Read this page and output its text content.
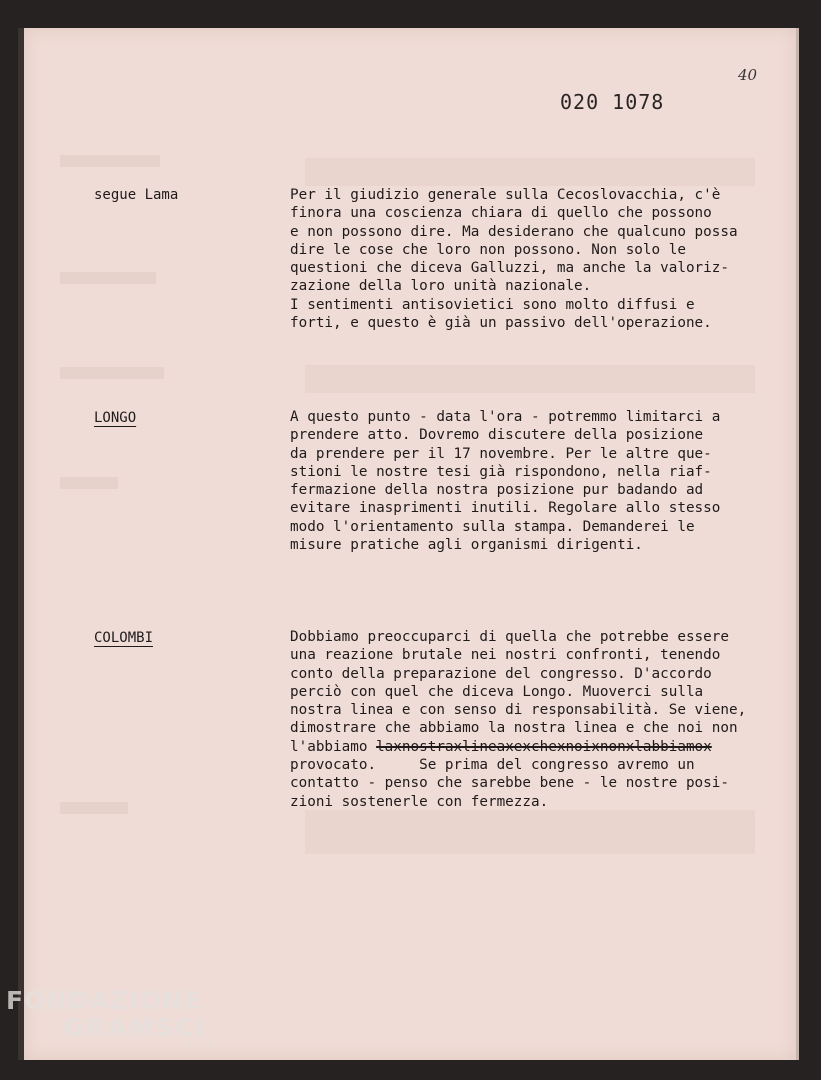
40
020 1078
segue Lama	Per il giudizio generale sulla Cecoslovacchia, c'è
finora una coscienza chiara di quello che possono
e non possono dire. Ma desiderano che qualcuno possa
dire le cose che loro non possono. Non solo le
questioni che diceva Galluzzi, ma anche la valoriz-
zazione della loro unità nazionale.
I sentimenti antisovietici sono molto diffusi e
forti, e questo è già un passivo dell'operazione.
LONGO	A questo punto - data l'ora - potremmo limitarci a
prendere atto. Dovremo discutere della posizione
da prendere per il 17 novembre. Per le altre que-
stioni le nostre tesi già rispondono, nella riaf-
fermazione della nostra posizione pur badando ad
evitare inasprimenti inutili. Regolare allo stesso
modo l'orientamento sulla stampa. Demanderei le
misure pratiche agli organismi dirigenti.
COLOMBI	Dobbiamo preoccuparci di quella che potrebbe essere
una reazione brutale nei nostri confronti, tenendo
conto della preparazione del congresso. D'accordo
perciò con quel che diceva Longo. Muoverci sulla
nostra linea e con senso di responsabilità. Se viene,
dimostrare che abbiamo la nostra linea e che noi non
l'abbiamo laxnostraxlineaxexchexnoixnonxlabbiamox
provocato.     Se prima del congresso avremo un
contatto - penso che sarebbe bene - le nostre posi-
zioni sostenerle con fermezza.
FONDAZIONE
GRAMSCI
onlus
